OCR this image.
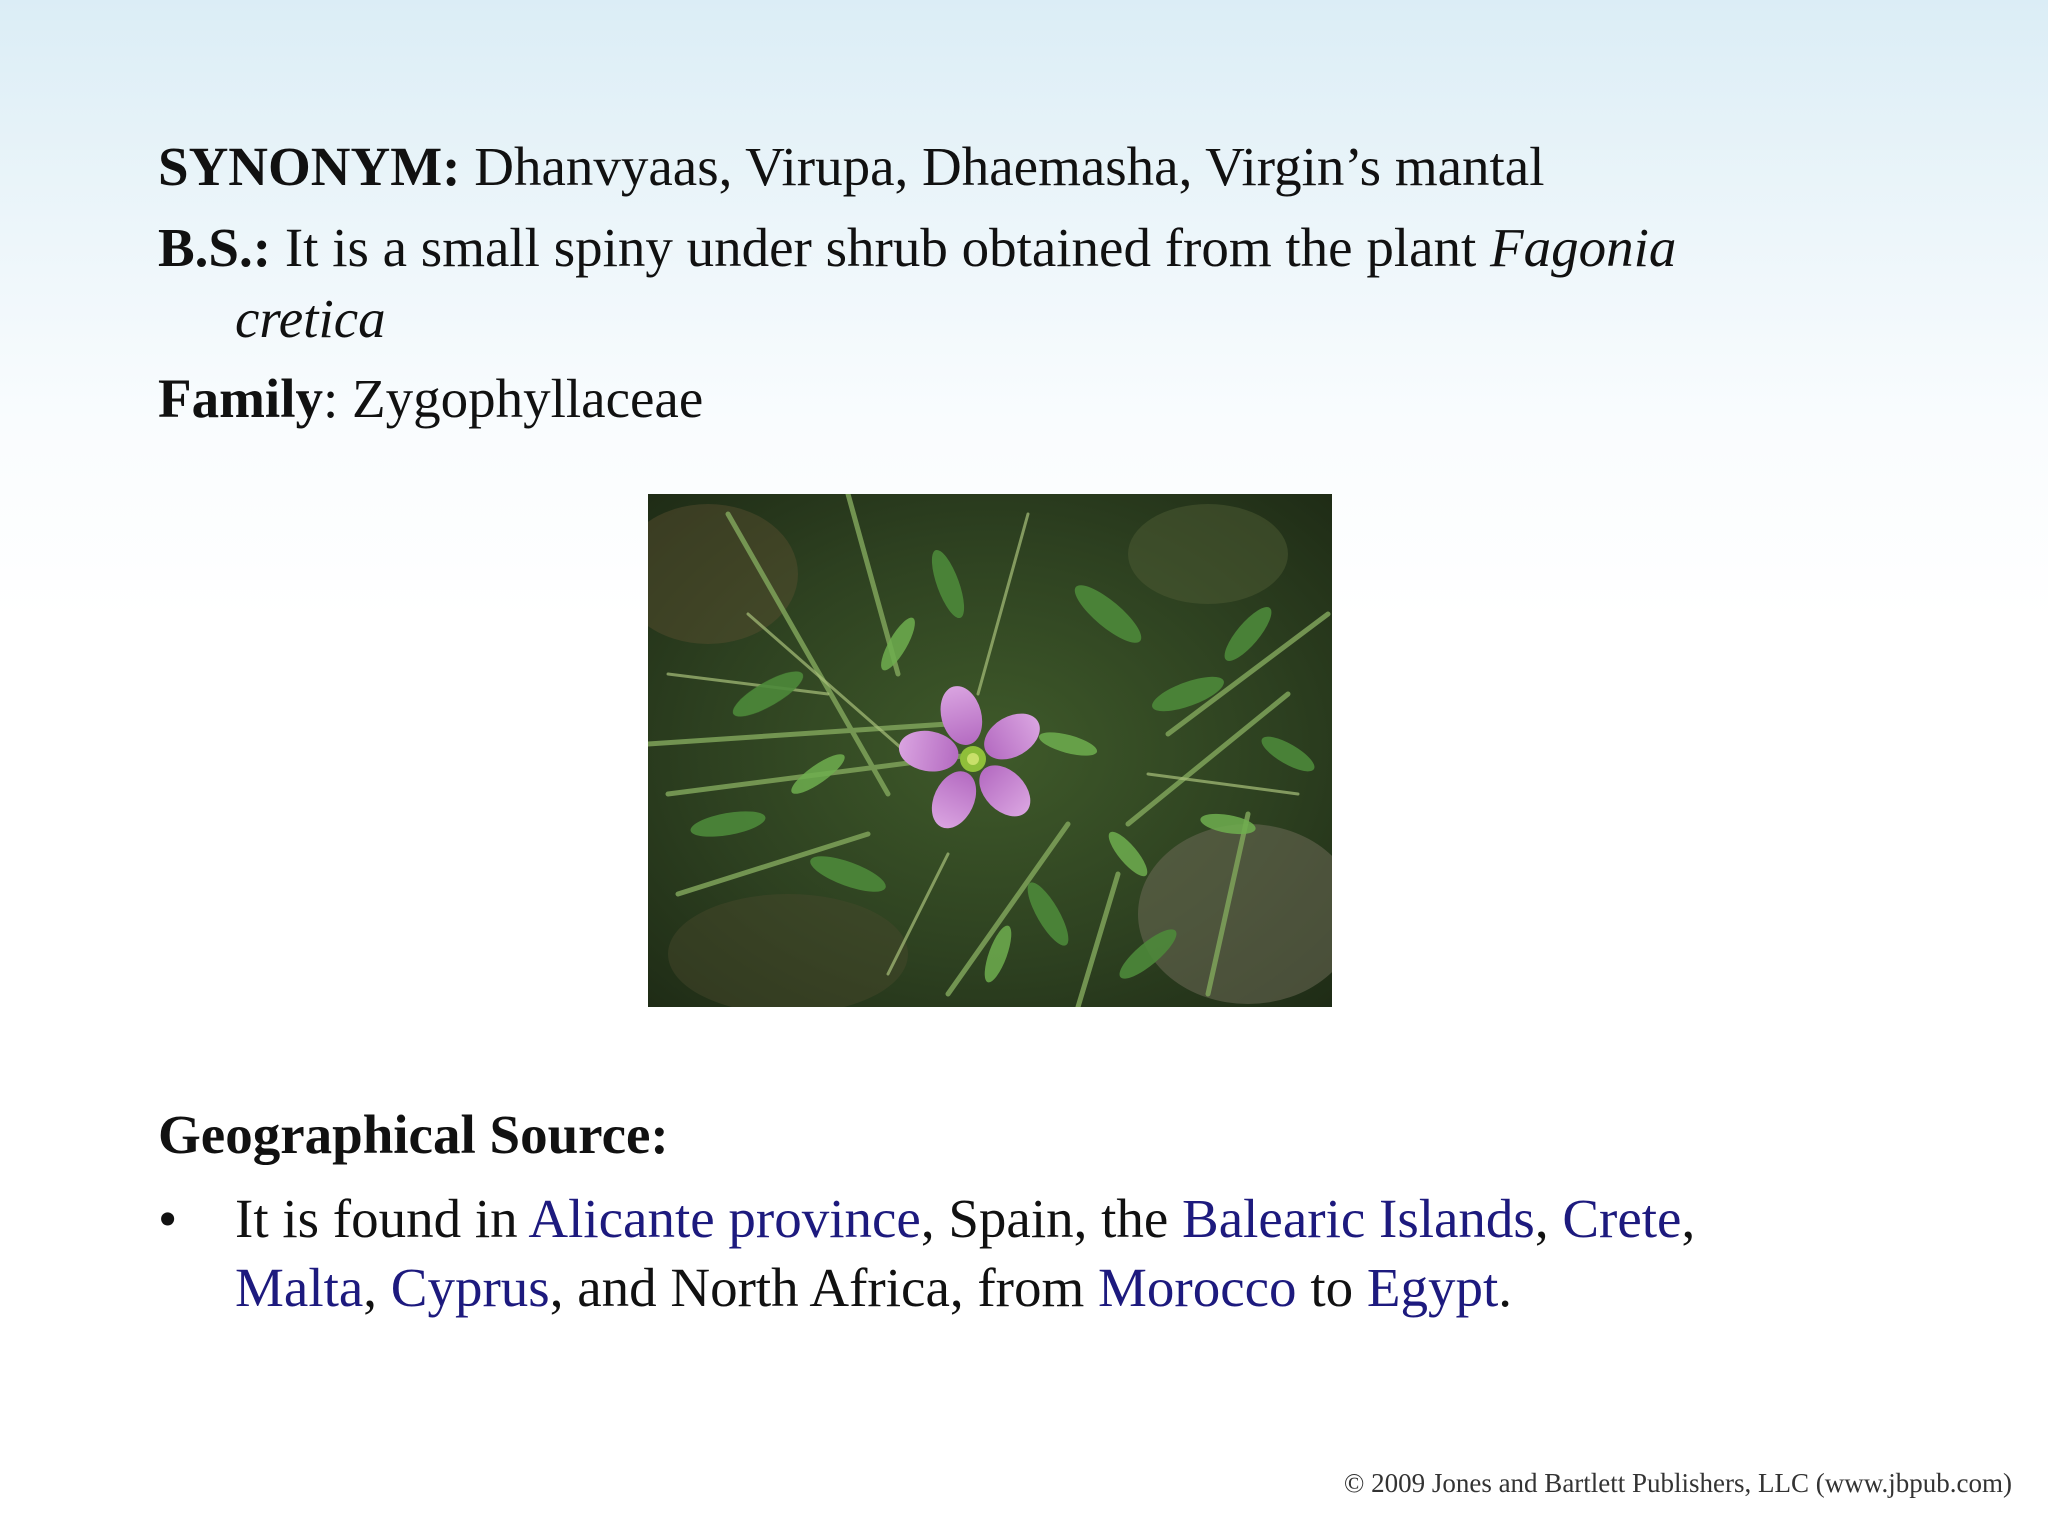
SYNONYM: Dhanvyaas, Virupa, Dhaemasha, Virgin’s mantal
B.S.: It is a small spiny under shrub obtained from the plant Fagonia
cretica
Family: Zygophyllaceae
Geographical Source:
• It is found in Alicante province, Spain, the Balearic Islands, Crete,
Malta, Cyprus, and North Africa, from Morocco to Egypt.
© 2009 Jones and Bartlett Publishers, LLC (www.jbpub.com)
